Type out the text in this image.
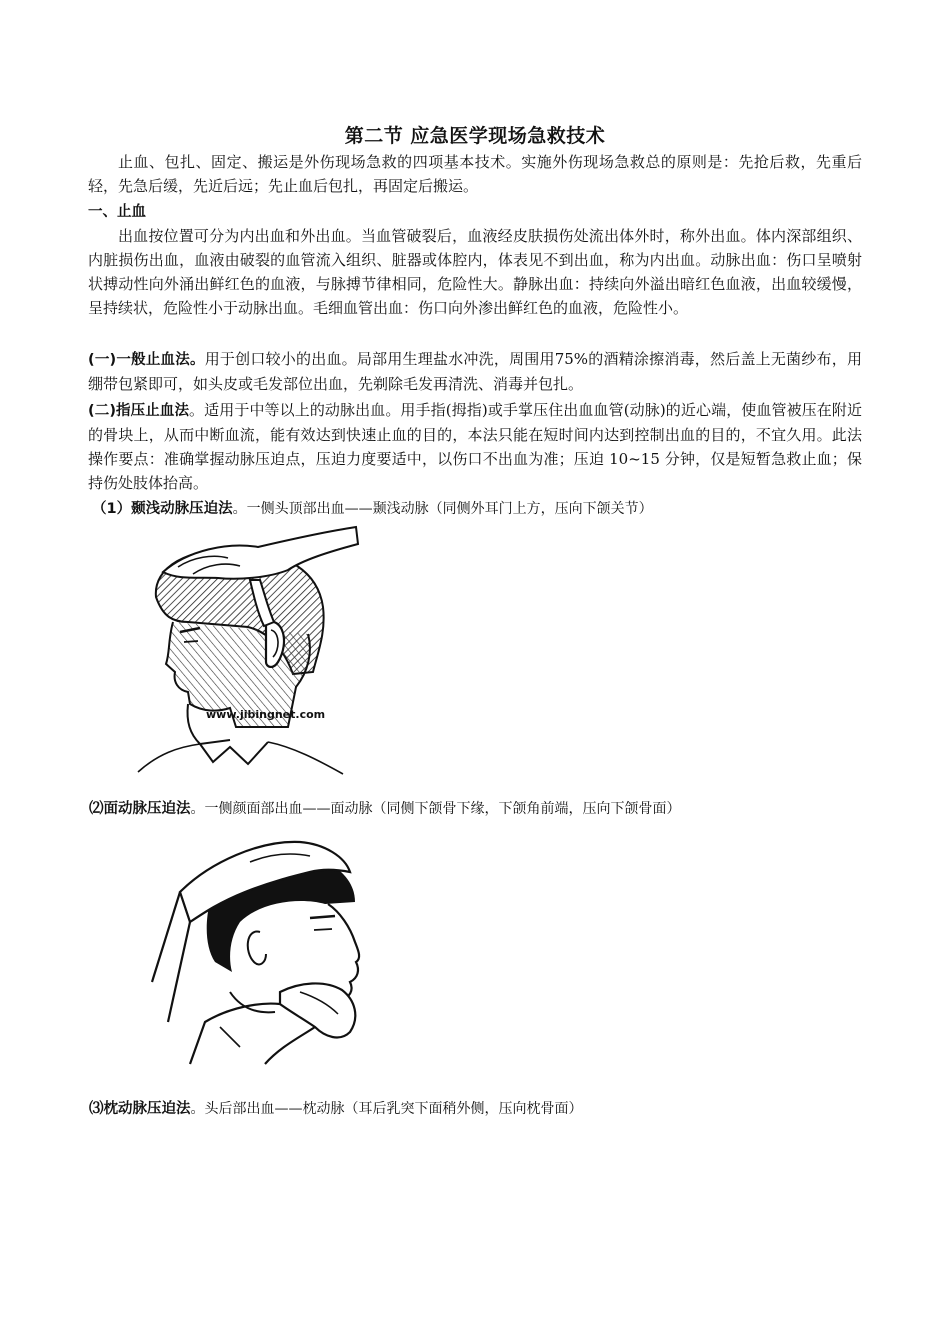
第二节 应急医学现场急救技术

止血、包扎、固定、搬运是外伤现场急救的四项基本技术。实施外伤现场急救总的原则是：先抢后救，先重后轻，先急后缓，先近后远；先止血后包扎，再固定后搬运。

一、止血

出血按位置可分为内出血和外出血。当血管破裂后，血液经皮肤损伤处流出体外时，称外出血。体内深部组织、内脏损伤出血，血液由破裂的血管流入组织、脏器或体腔内，体表见不到出血，称为内出血。动脉出血：伤口呈喷射状搏动性向外涌出鲜红色的血液，与脉搏节律相同，危险性大。静脉出血：持续向外溢出暗红色血液，出血较缓慢，呈持续状，危险性小于动脉出血。毛细血管出血：伤口向外渗出鲜红色的血液，危险性小。

(一)一般止血法。用于创口较小的出血。局部用生理盐水冲洗，周围用75%的酒精涂擦消毒，然后盖上无菌纱布，用绷带包紧即可，如头皮或毛发部位出血，先剃除毛发再清洗、消毒并包扎。

(二)指压止血法。适用于中等以上的动脉出血。用手指(拇指)或手掌压住出血血管(动脉)的近心端，使血管被压在附近的骨块上，从而中断血流，能有效达到快速止血的目的，本法只能在短时间内达到控制出血的目的，不宜久用。此法操作要点：准确掌握动脉压迫点，压迫力度要适中，以伤口不出血为准；压迫 10~15 分钟，仅是短暂急救止血；保持伤处肢体抬高。

（1）颞浅动脉压迫法。一侧头顶部出血——颞浅动脉（同侧外耳门上方，压向下颌关节）

www.jibingnet.com

⑵面动脉压迫法。一侧颜面部出血——面动脉（同侧下颌骨下缘，下颌角前端，压向下颌骨面）

⑶枕动脉压迫法。头后部出血——枕动脉（耳后乳突下面稍外侧，压向枕骨面）
